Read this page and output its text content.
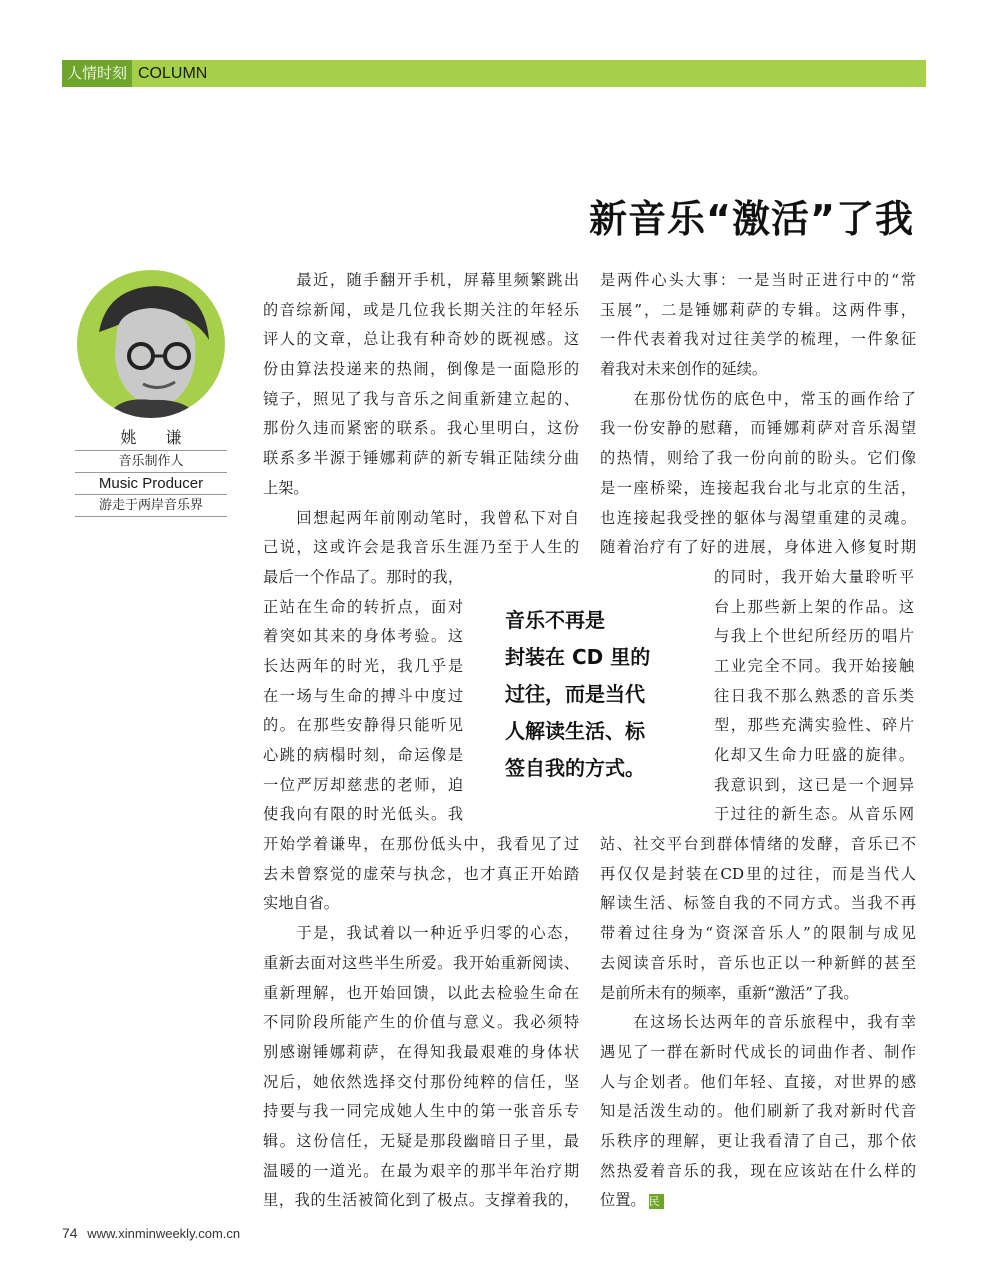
人情时刻 COLUMN
新音乐“激活”了我
姚 谦
音乐制作人
Music Producer
游走于两岸音乐界
　　最近，随手翻开手机，屏幕里频繁跳出
的音综新闻，或是几位我长期关注的年轻乐
评人的文章，总让我有种奇妙的既视感。这
份由算法投递来的热闹，倒像是一面隐形的
镜子，照见了我与音乐之间重新建立起的、
那份久违而紧密的联系。我心里明白，这份
联系多半源于锤娜莉萨的新专辑正陆续分曲
上架。
　　回想起两年前刚动笔时，我曾私下对自
己说，这或许会是我音乐生涯乃至于人生的
最后一个作品了。那时的我，
正站在生命的转折点，面对
着突如其来的身体考验。这
长达两年的时光，我几乎是
在一场与生命的搏斗中度过
的。在那些安静得只能听见
心跳的病榻时刻，命运像是
一位严厉却慈悲的老师，迫
使我向有限的时光低头。我
开始学着谦卑，在那份低头中，我看见了过
去未曾察觉的虚荣与执念，也才真正开始踏
实地自省。
　　于是，我试着以一种近乎归零的心态，
重新去面对这些半生所爱。我开始重新阅读、
重新理解，也开始回馈，以此去检验生命在
不同阶段所能产生的价值与意义。我必须特
别感谢锤娜莉萨，在得知我最艰难的身体状
况后，她依然选择交付那份纯粹的信任，坚
持要与我一同完成她人生中的第一张音乐专
辑。这份信任，无疑是那段幽暗日子里，最
温暖的一道光。在最为艰辛的那半年治疗期
里，我的生活被简化到了极点。支撑着我的，
是两件心头大事：一是当时正进行中的“常
玉展”，二是锤娜莉萨的专辑。这两件事，
一件代表着我对过往美学的梳理，一件象征
着我对未来创作的延续。
　　在那份忧伤的底色中，常玉的画作给了
我一份安静的慰藉，而锤娜莉萨对音乐渴望
的热情，则给了我一份向前的盼头。它们像
是一座桥梁，连接起我台北与北京的生活，
也连接起我受挫的躯体与渴望重建的灵魂。
随着治疗有了好的进展，身体进入修复时期
的同时，我开始大量聆听平
台上那些新上架的作品。这
与我上个世纪所经历的唱片
工业完全不同。我开始接触
往日我不那么熟悉的音乐类
型，那些充满实验性、碎片
化却又生命力旺盛的旋律。
我意识到，这已是一个迥异
于过往的新生态。从音乐网
站、社交平台到群体情绪的发酵，音乐已不
再仅仅是封装在CD里的过往，而是当代人
解读生活、标签自我的不同方式。当我不再
带着过往身为“资深音乐人”的限制与成见
去阅读音乐时，音乐也正以一种新鲜的甚至
是前所未有的频率，重新“激活”了我。
　　在这场长达两年的音乐旅程中，我有幸
遇见了一群在新时代成长的词曲作者、制作
人与企划者。他们年轻、直接，对世界的感
知是活泼生动的。他们刷新了我对新时代音
乐秩序的理解，更让我看清了自己，那个依
然热爱着音乐的我，现在应该站在什么样的
位置。 民
音乐不再是
封装在 CD 里的
过往，而是当代
人解读生活、标
签自我的方式。
74 www.xinminweekly.com.cn
